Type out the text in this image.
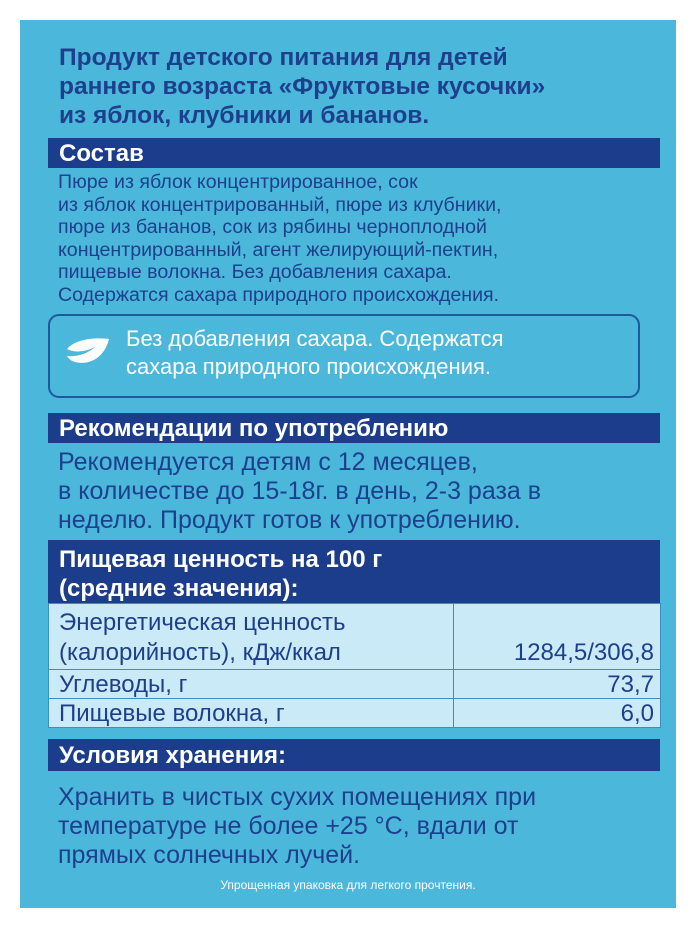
Продукт детского питания для детей
раннего возраста «Фруктовые кусочки»
из яблок, клубники и бананов.
Состав
Пюре из яблок концентрированное, сок
из яблок концентрированный, пюре из клубники,
пюре из бананов, сок из рябины черноплодной
концентрированный, агент желирующий-пектин,
пищевые волокна. Без добавления сахара.
Содержатся сахара природного происхождения.
Без добавления сахара. Содержатся
сахара природного происхождения.
Рекомендации по употреблению
Рекомендуется детям с 12 месяцев,
в количестве до 15-18г. в день, 2-3 раза в
неделю. Продукт готов к употреблению.
Пищевая ценность на 100 г
(средние значения):
Энергетическая ценность
(калорийность), кДж/ккал	1284,5/306,8
Углеводы, г	73,7
Пищевые волокна, г	6,0
Условия хранения:
Хранить в чистых сухих помещениях при
температуре не более +25 °С, вдали от
прямых солнечных лучей.
Упрощенная упаковка для легкого прочтения.
